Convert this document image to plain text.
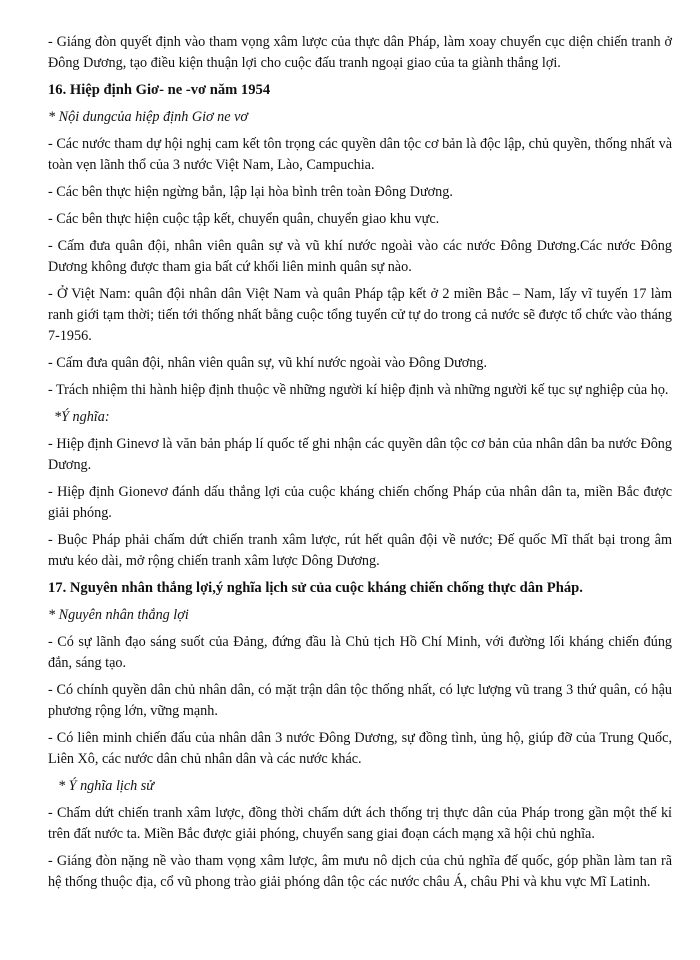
- Giáng đòn quyết định vào tham vọng xâm lược của thực dân Pháp, làm xoay chuyển cục diện chiến tranh ở Đông Dương, tạo điều kiện thuận lợi cho cuộc đấu tranh ngoại giao của ta giành thắng lợi.

16. Hiệp định Giơ- ne -vơ năm 1954

* Nội dungcủa hiệp định Giơ ne vơ

- Các nước tham dự hội nghị cam kết tôn trọng các quyền dân tộc cơ bản là độc lập, chủ quyền, thống nhất và toàn vẹn lãnh thổ của 3 nước Việt Nam, Lào, Campuchia.

- Các bên thực hiện ngừng bắn, lập lại hòa bình trên toàn Đông Dương.

- Các bên thực hiện cuộc tập kết, chuyển quân, chuyển giao khu vực.

- Cấm đưa quân đội, nhân viên quân sự và vũ khí nước ngoài vào các nước Đông Dương.Các nước Đông Dương không được tham gia bất cứ khối liên minh quân sự nào.

- Ở Việt Nam: quân đội nhân dân Việt Nam và quân Pháp tập kết ở 2 miền Bắc – Nam, lấy vĩ tuyến 17 làm ranh giới tạm thời; tiến tới thống nhất bằng cuộc tổng tuyển cử tự do trong cả nước sẽ được tổ chức vào tháng 7-1956.

- Cấm đưa quân đội, nhân viên quân sự, vũ khí nước ngoài vào Đông Dương.

- Trách nhiệm thi hành hiệp định thuộc về những người kí hiệp định và những người kế tục sự nghiệp của họ.

*Ý nghĩa:

- Hiệp định Ginevơ là văn bản pháp lí quốc tế ghi nhận các quyền dân tộc cơ bản của nhân dân ba nước Đông Dương.

- Hiệp định Gionevơ đánh dấu thắng lợi của cuộc kháng chiến chống Pháp của nhân dân ta, miền Bắc được giải phóng.

- Buộc Pháp phải chấm dứt chiến tranh xâm lược, rút hết quân đội về nước; Đế quốc Mĩ thất bại trong âm mưu kéo dài, mở rộng chiến tranh xâm lược Dông Dương.

17. Nguyên nhân thắng lợi,ý nghĩa lịch sử của cuộc kháng chiến chống thực dân Pháp.

* Nguyên nhân thắng lợi

- Có sự lãnh đạo sáng suốt của Đảng, đứng đầu là Chủ tịch Hồ Chí Minh, với đường lối kháng chiến đúng đắn, sáng tạo.

- Có chính quyền dân chủ nhân dân, có mặt trận dân tộc thống nhất, có lực lượng vũ trang 3 thứ quân, có hậu phương rộng lớn, vững mạnh.

- Có liên minh chiến đấu của nhân dân 3 nước Đông Dương, sự đồng tình, ủng hộ, giúp đỡ của Trung Quốc, Liên Xô, các nước dân chủ nhân dân và các nước khác.

* Ý nghĩa lịch sử

- Chấm dứt chiến tranh xâm lược, đồng thời chấm dứt ách thống trị thực dân của Pháp trong gần một thế kỉ trên đất nước ta. Miền Bắc được giải phóng, chuyển sang giai đoạn cách mạng xã hội chủ nghĩa.

- Giáng đòn nặng nề vào tham vọng xâm lược, âm mưu nô dịch của chủ nghĩa đế quốc, góp phần làm tan rã hệ thống thuộc địa, cổ vũ phong trào giải phóng dân tộc các nước châu Á, châu Phi và khu vực Mĩ Latinh.
